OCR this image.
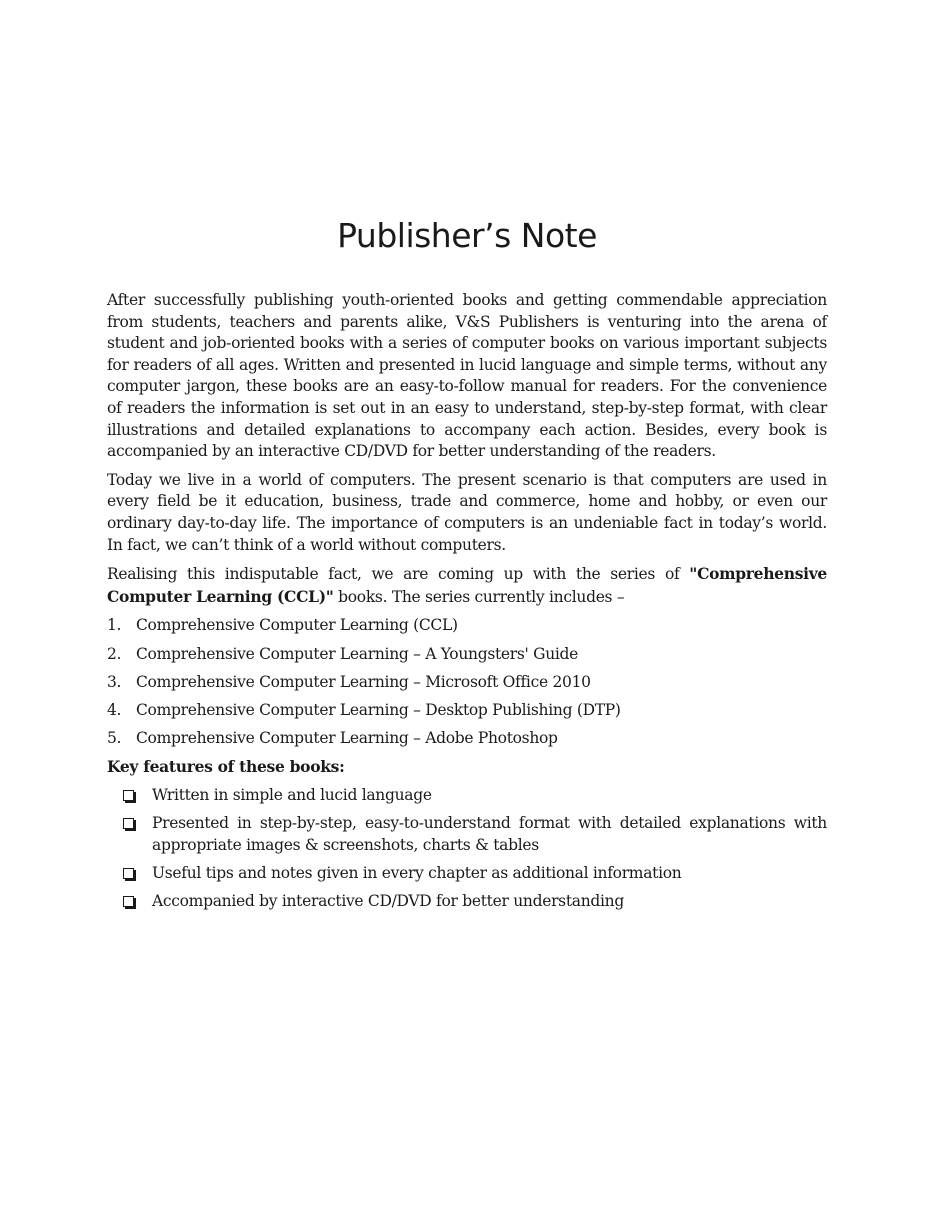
Publisher’s Note

After successfully publishing youth-oriented books and getting commendable appreciation from students, teachers and parents alike, V&S Publishers is venturing into the arena of student and job-oriented books with a series of computer books on various important subjects for readers of all ages. Written and presented in lucid language and simple terms, without any computer jargon, these books are an easy-to-follow manual for readers. For the convenience of readers the information is set out in an easy to understand, step-by-step format, with clear illustrations and detailed explanations to accompany each action. Besides, every book is accompanied by an interactive CD/DVD for better understanding of the readers.

Today we live in a world of computers. The present scenario is that computers are used in every field be it education, business, trade and commerce, home and hobby, or even our ordinary day-to-day life. The importance of computers is an undeniable fact in today’s world. In fact, we can’t think of a world without computers.

Realising this indisputable fact, we are coming up with the series of "Comprehensive Computer Learning (CCL)" books. The series currently includes –

1. Comprehensive Computer Learning (CCL)
2. Comprehensive Computer Learning – A Youngsters' Guide
3. Comprehensive Computer Learning – Microsoft Office 2010
4. Comprehensive Computer Learning – Desktop Publishing (DTP)
5. Comprehensive Computer Learning – Adobe Photoshop
Key features of these books:
Written in simple and lucid language
Presented in step-by-step, easy-to-understand format with detailed explanations with appropriate images & screenshots, charts & tables
Useful tips and notes given in every chapter as additional information
Accompanied by interactive CD/DVD for better understanding
